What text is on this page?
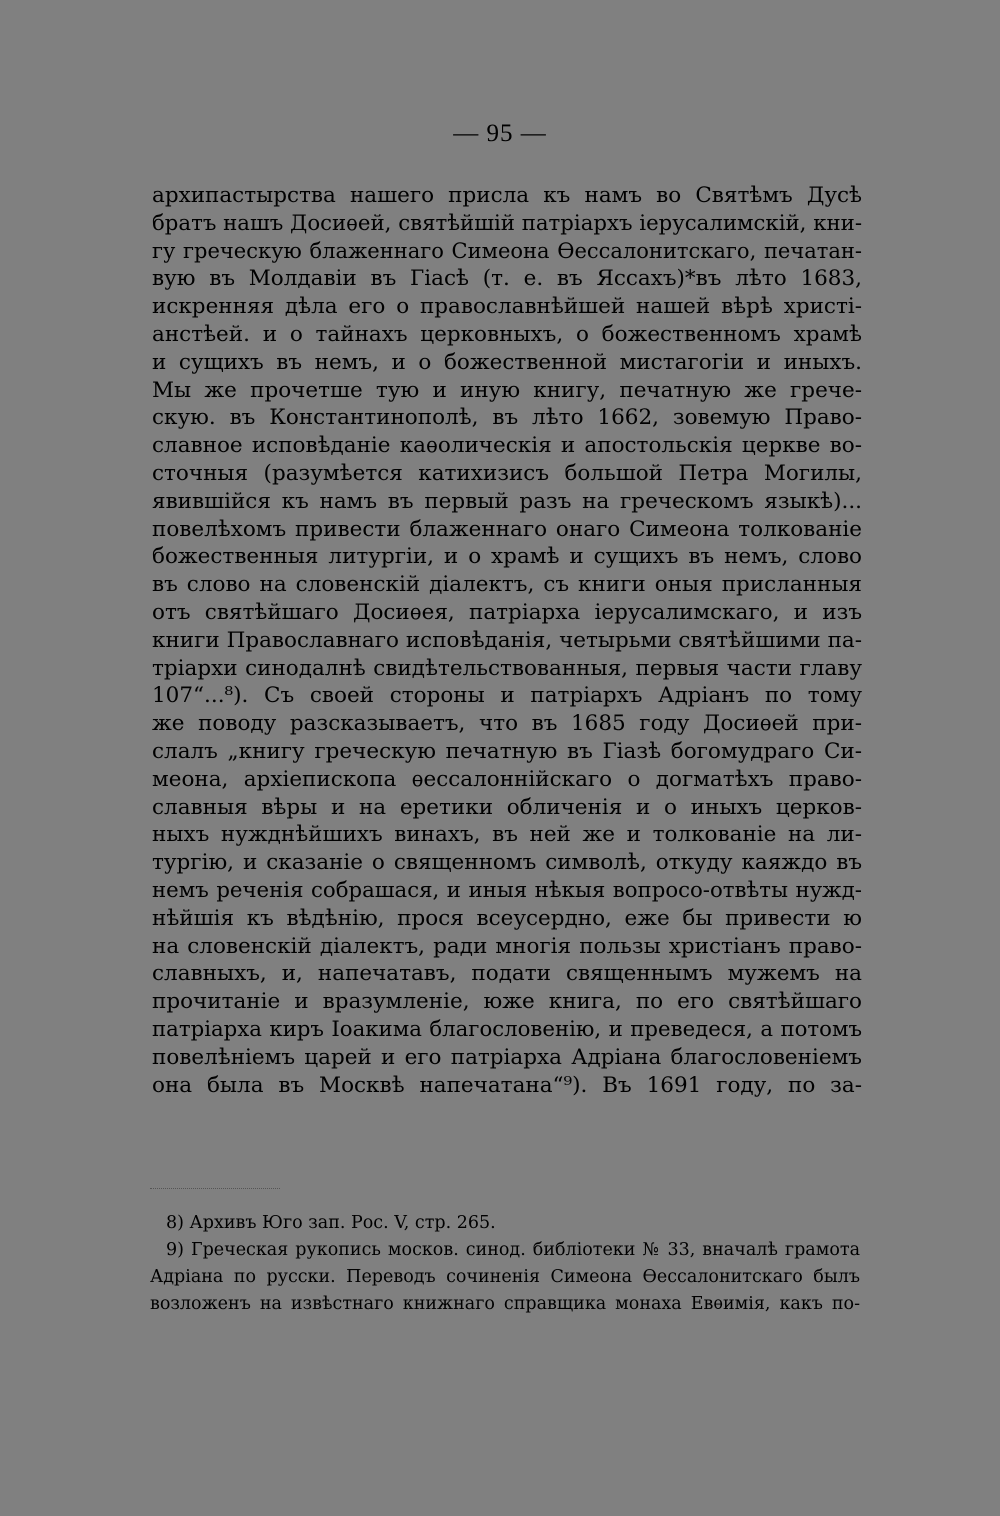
— 95 —
архипастырства нашего присла къ намъ во Святѣмъ Дусѣ
братъ нашъ Досиѳей, святѣйшій патріархъ іерусалимскій, кни-
гу греческую блаженнаго Симеона Ѳессалонитскаго, печатан-
вую въ Молдавіи въ Гіасѣ (т. е. въ Яссахъ)*въ лѣто 1683,
искренняя дѣла его о православнѣйшей нашей вѣрѣ христі-
анстѣей. и о тайнахъ церковныхъ, о божественномъ храмѣ
и сущихъ въ немъ, и о божественной мистагогіи и иныхъ.
Мы же прочетше тую и иную книгу, печатную же грече-
скую. въ Константинополѣ, въ лѣто 1662, зовемую Право-
славное исповѣданіе каѳолическія и апостольскія церкве во-
сточныя (разумѣется катихизисъ большой Петра Могилы,
явившійся къ намъ въ первый разъ на греческомъ языкѣ)...
повелѣхомъ привести блаженнаго онаго Симеона толкованіе
божественныя литургіи, и о храмѣ и сущихъ въ немъ, слово
въ слово на словенскій діалектъ, съ книги оныя присланныя
отъ святѣйшаго Досиѳея, патріарха іерусалимскаго, и изъ
книги Православнаго исповѣданія, четырьми святѣйшими па-
тріархи синодалнѣ свидѣтельствованныя, первыя части главу
107“...⁸). Съ своей стороны и патріархъ Адріанъ по тому
же поводу разсказываетъ, что въ 1685 году Досиѳей при-
слалъ „книгу греческую печатную въ Гіазѣ богомудраго Си-
меона, архіепископа ѳессалоннійскаго о догматѣхъ право-
славныя вѣры и на еретики обличенія и о иныхъ церков-
ныхъ нужднѣйшихъ винахъ, въ ней же и толкованіе на ли-
тургію, и сказаніе о священномъ символѣ, откуду каяждо въ
немъ реченія собрашася, и иныя нѣкыя вопросо-отвѣты нужд-
нѣйшія къ вѣдѣнію, прося всеусердно, еже бы привести ю
на словенскій діалектъ, ради многія пользы христіанъ право-
славныхъ, и, напечатавъ, подати священнымъ мужемъ на
прочитаніе и вразумленіе, юже книга, по его святѣйшаго
патріарха киръ Іоакима благословенію, и преведеся, а потомъ
повелѣніемъ царей и его патріарха Адріана благословеніемъ
она была въ Москвѣ напечатана“⁹). Въ 1691 году, по за-
8) Архивъ Юго зап. Рос. V, стр. 265.
9) Греческая рукопись москов. синод. библіотеки № 33, вначалѣ грамота
Адріана по русски. Переводъ сочиненія Симеона Ѳессалонитскаго былъ
возложенъ на извѣстнаго книжнаго справщика монаха Евѳимія, какъ по-
